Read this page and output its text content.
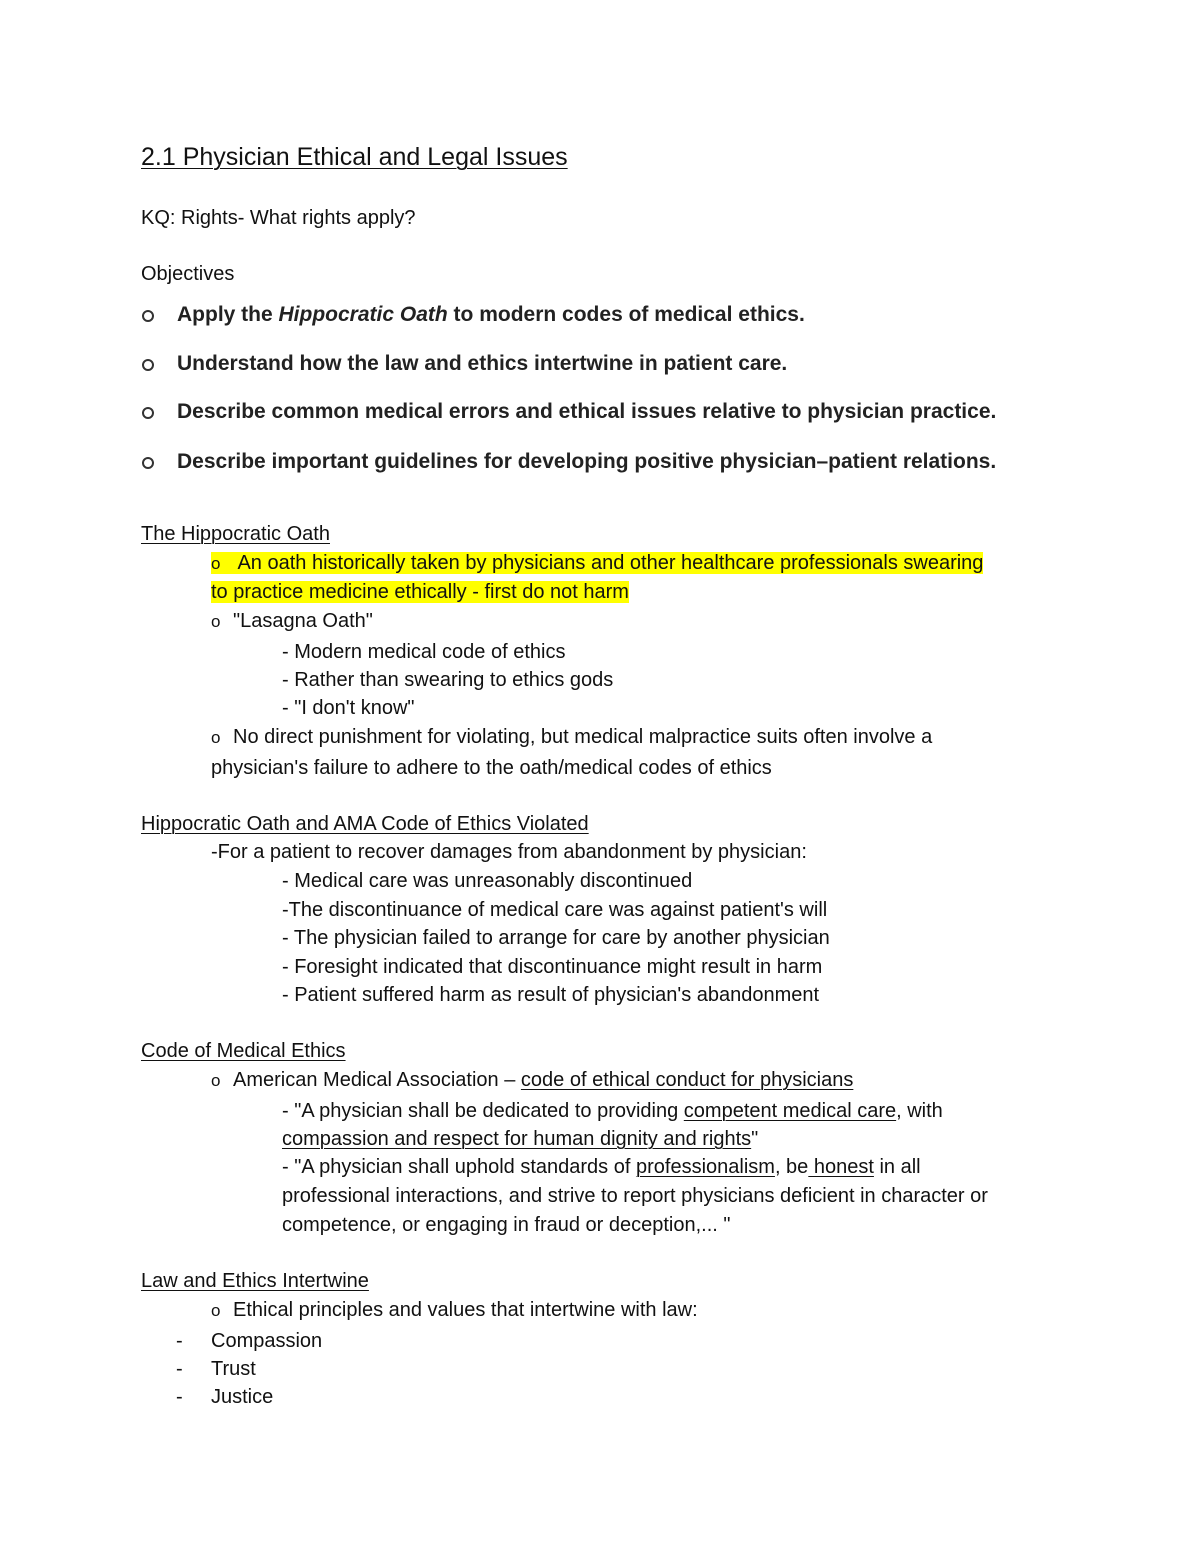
2.1 Physician Ethical and Legal Issues
KQ: Rights- What rights apply?
Objectives
Apply the Hippocratic Oath to modern codes of medical ethics.
Understand how the law and ethics intertwine in patient care.
Describe common medical errors and ethical issues relative to physician practice.
Describe important guidelines for developing positive physician–patient relations.
The Hippocratic Oath
o An oath historically taken by physicians and other healthcare professionals swearing
to practice medicine ethically - first do not harm
o "Lasagna Oath"
- Modern medical code of ethics
- Rather than swearing to ethics gods
- "I don't know"
o No direct punishment for violating, but medical malpractice suits often involve a
physician's failure to adhere to the oath/medical codes of ethics
Hippocratic Oath and AMA Code of Ethics Violated
-For a patient to recover damages from abandonment by physician:
- Medical care was unreasonably discontinued
-The discontinuance of medical care was against patient's will
- The physician failed to arrange for care by another physician
- Foresight indicated that discontinuance might result in harm
- Patient suffered harm as result of physician's abandonment
Code of Medical Ethics
o American Medical Association – code of ethical conduct for physicians
- "A physician shall be dedicated to providing competent medical care, with
compassion and respect for human dignity and rights"
- "A physician shall uphold standards of professionalism, be honest in all
professional interactions, and strive to report physicians deficient in character or
competence, or engaging in fraud or deception,... "
Law and Ethics Intertwine
o Ethical principles and values that intertwine with law:
- Compassion
- Trust
- Justice
